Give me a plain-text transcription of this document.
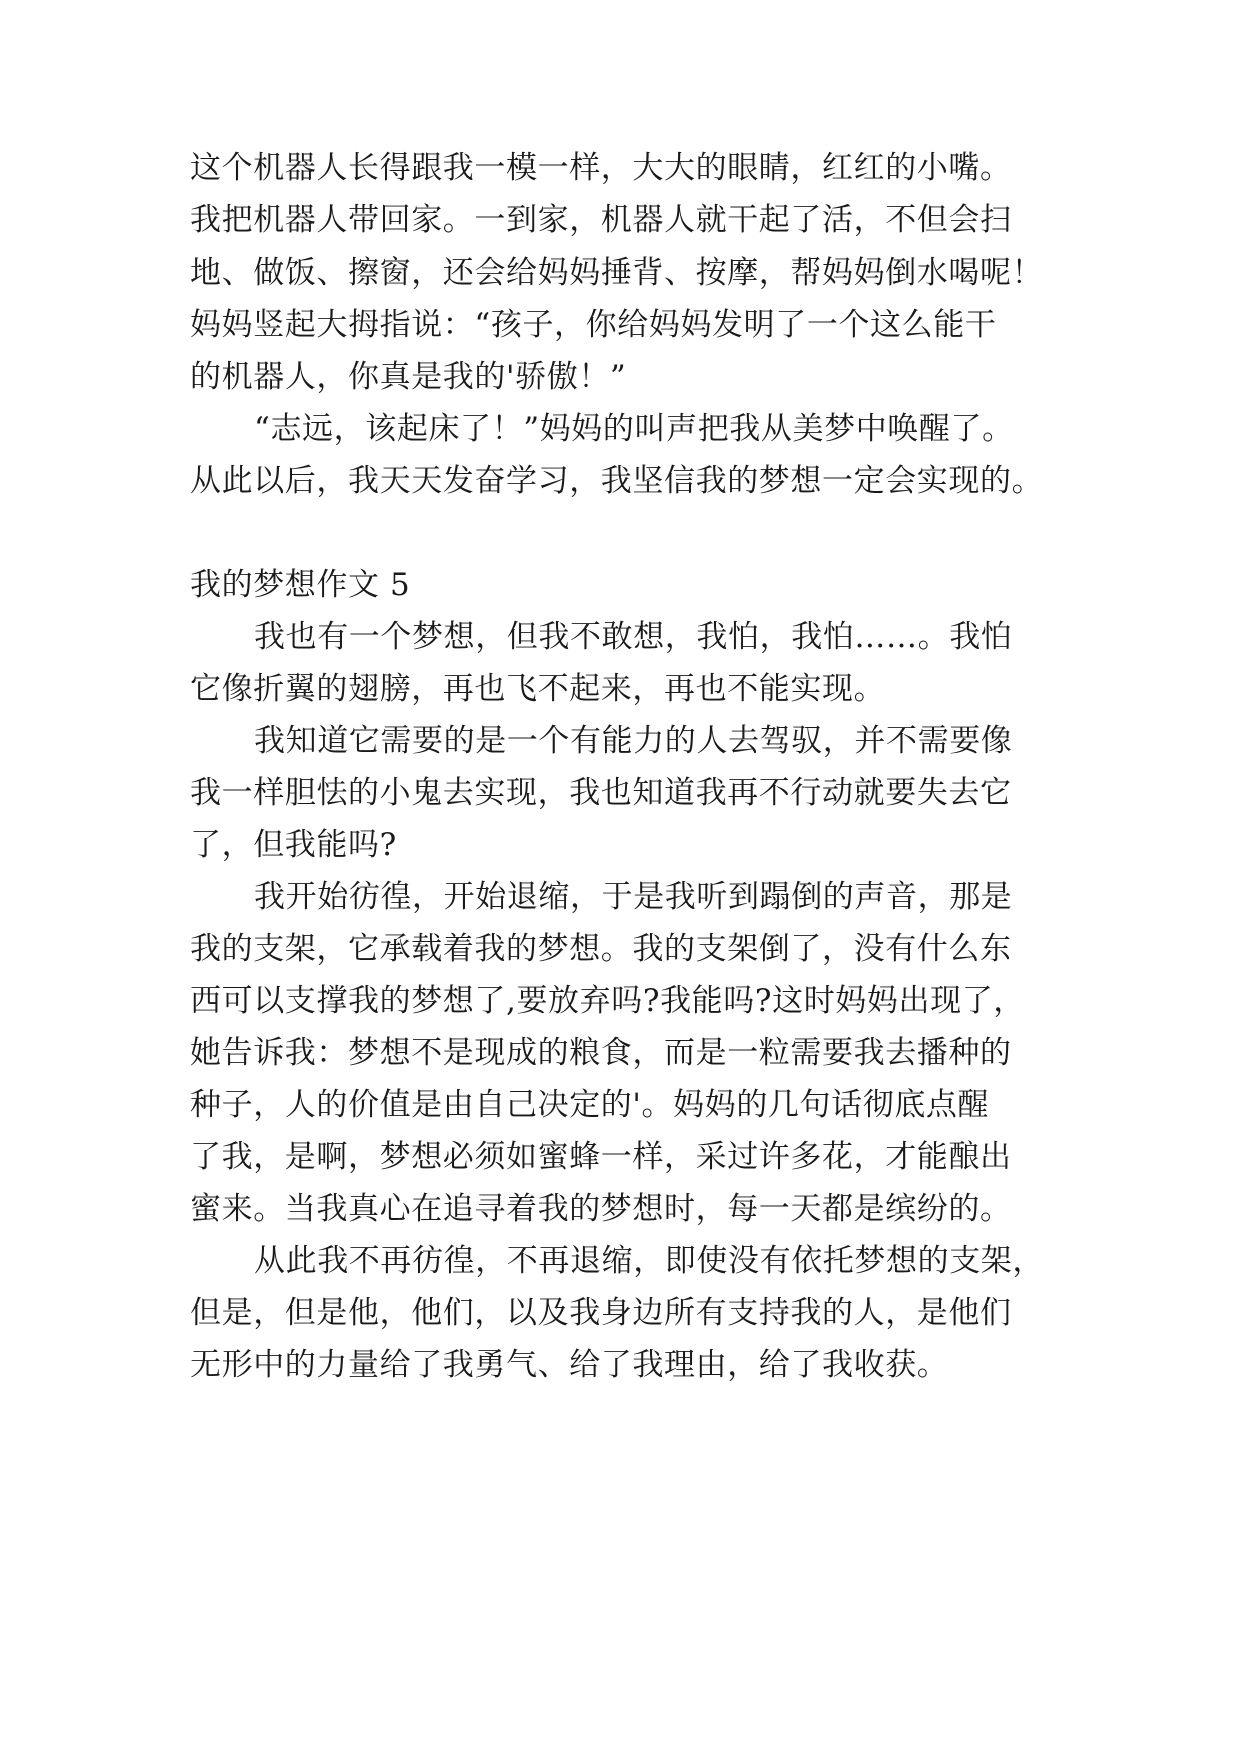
这个机器人长得跟我一模一样，大大的眼睛，红红的小嘴。
我把机器人带回家。一到家，机器人就干起了活，不但会扫
地、做饭、擦窗，还会给妈妈捶背、按摩，帮妈妈倒水喝呢！
妈妈竖起大拇指说：“孩子，你给妈妈发明了一个这么能干
的机器人，你真是我的'骄傲！”
“志远，该起床了！”妈妈的叫声把我从美梦中唤醒了。
从此以后，我天天发奋学习，我坚信我的梦想一定会实现的。
我的梦想作文 5
我也有一个梦想，但我不敢想，我怕，我怕……。我怕
它像折翼的翅膀，再也飞不起来，再也不能实现。
我知道它需要的是一个有能力的人去驾驭，并不需要像
我一样胆怯的小鬼去实现，我也知道我再不行动就要失去它
了，但我能吗?
我开始彷徨，开始退缩，于是我听到蹋倒的声音，那是
我的支架，它承载着我的梦想。我的支架倒了，没有什么东
西可以支撑我的梦想了,要放弃吗?我能吗?这时妈妈出现了，
她告诉我：梦想不是现成的粮食，而是一粒需要我去播种的
种子，人的价值是由自己决定的'。妈妈的几句话彻底点醒
了我，是啊，梦想必须如蜜蜂一样，采过许多花，才能酿出
蜜来。当我真心在追寻着我的梦想时，每一天都是缤纷的。
从此我不再彷徨，不再退缩，即使没有依托梦想的支架，
但是，但是他，他们，以及我身边所有支持我的人，是他们
无形中的力量给了我勇气、给了我理由，给了我收获。
